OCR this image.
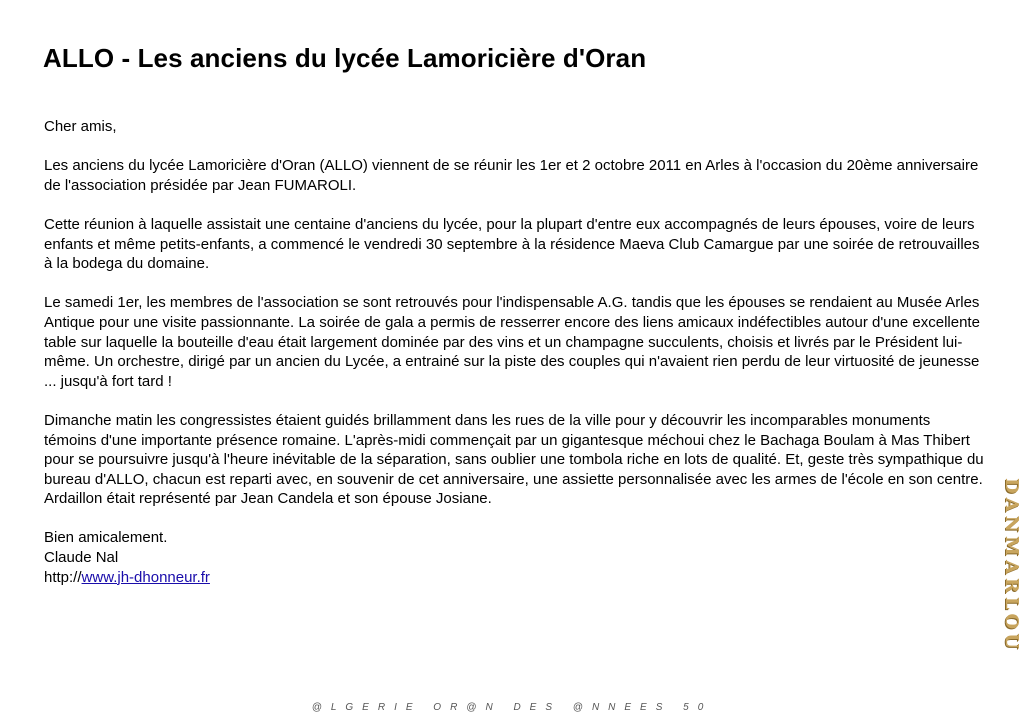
ALLO - Les anciens du lycée Lamoricière d'Oran

Cher amis,

Les anciens du lycée Lamoricière d'Oran (ALLO) viennent de se réunir les 1er et 2 octobre 2011 en Arles à l'occasion du 20ème anniversaire de l'association présidée par Jean FUMAROLI.

Cette réunion à laquelle assistait une centaine d'anciens du lycée, pour la plupart d'entre eux accompagnés de leurs épouses, voire de leurs enfants et même petits-enfants, a commencé le vendredi 30 septembre à la résidence Maeva Club Camargue par une soirée de retrouvailles à la bodega du domaine.

Le samedi 1er, les membres de l'association se sont retrouvés pour l'indispensable A.G. tandis que les épouses se rendaient au Musée Arles Antique pour une visite passionnante. La soirée de gala a permis de resserrer encore des liens amicaux indéfectibles autour d'une excellente table sur laquelle la bouteille d'eau était largement dominée par des vins et un champagne succulents, choisis et livrés par le Président lui-même. Un orchestre, dirigé par un ancien du Lycée, a entrainé sur la piste des couples qui n'avaient rien perdu de leur virtuosité de jeunesse ... jusqu'à fort tard !

Dimanche matin les congressistes étaient guidés brillamment dans les rues de la ville pour y découvrir les incomparables monuments témoins d'une importante présence romaine. L'après-midi commençait par un gigantesque méchoui chez le Bachaga Boulam à Mas Thibert pour se poursuivre jusqu'à l'heure inévitable de la séparation, sans oublier une tombola riche en lots de qualité. Et, geste très sympathique du bureau d'ALLO, chacun est reparti avec, en souvenir de cet anniversaire, une assiette personnalisée avec les armes de l'école en son centre. Ardaillon était représenté par Jean Candela et son épouse Josiane.

Bien amicalement.

Claude Nal

http://www.jh-dhonneur.fr	DANMARLOU
@LGERIE OR@N DES @NNEES 50
